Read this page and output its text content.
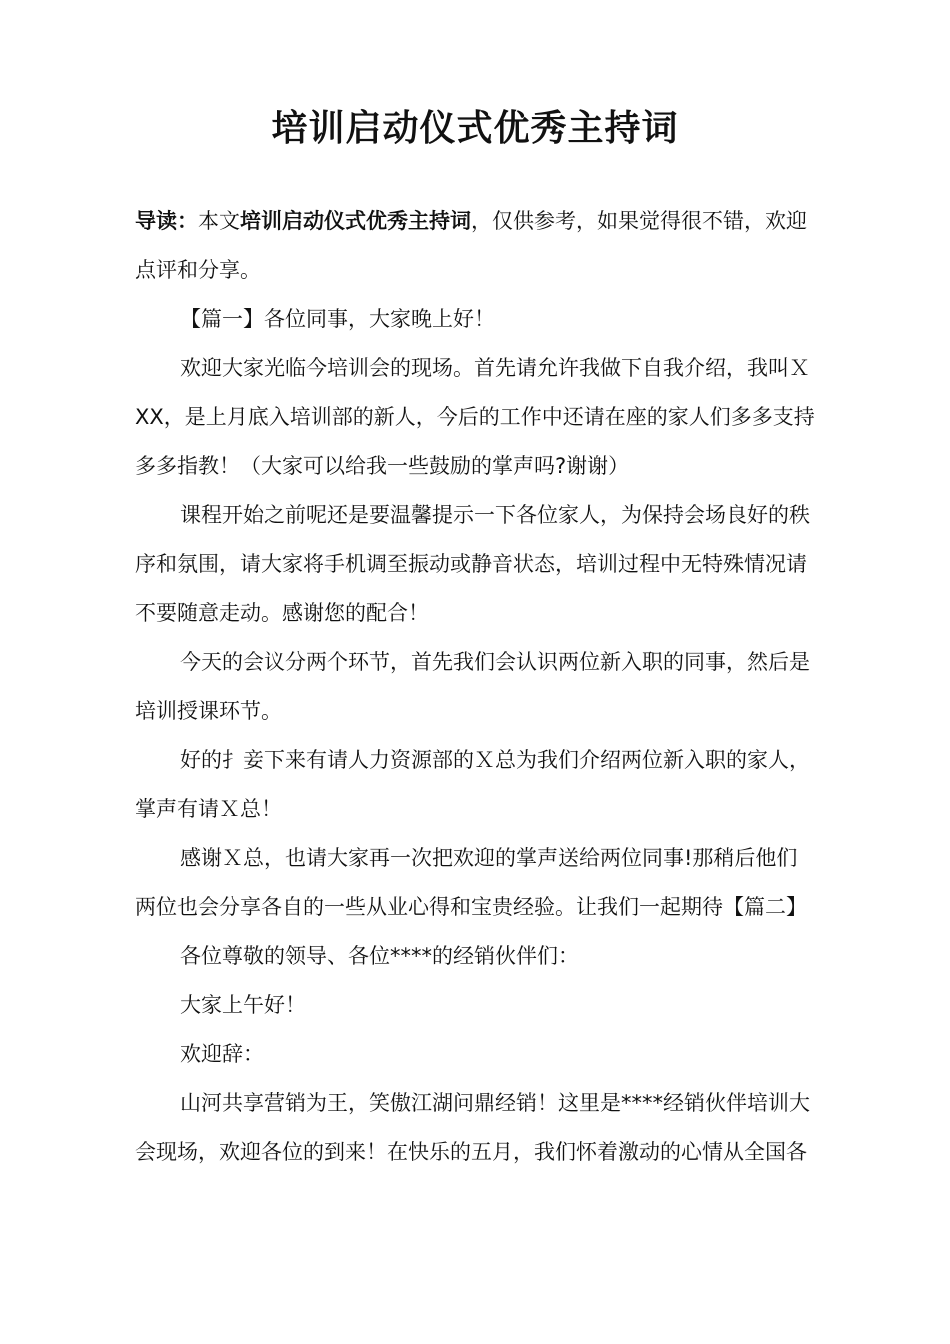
培训启动仪式优秀主持词
导读：本文培训启动仪式优秀主持词，仅供参考，如果觉得很不错，欢迎
点评和分享。
【篇一】各位同事，大家晚上好！
欢迎大家光临今培训会的现场。首先请允许我做下自我介绍，我叫Ｘ
XX，是上月底入培训部的新人，今后的工作中还请在座的家人们多多支持
多多指教！（大家可以给我一些鼓励的掌声吗?谢谢）
课程开始之前呢还是要温馨提示一下各位家人，为保持会场良好的秩
序和氛围，请大家将手机调至振动或静音状态，培训过程中无特殊情况请
不要随意走动。感谢您的配合！
今天的会议分两个环节，首先我们会认识两位新入职的同事，然后是
培训授课环节。
好的扌妾下来有请人力资源部的Ｘ总为我们介绍两位新入职的家人，
掌声有请Ｘ总！
感谢Ｘ总，也请大家再一次把欢迎的掌声送给两位同事!那稍后他们
两位也会分享各自的一些从业心得和宝贵经验。让我们一起期待【篇二】
各位尊敬的领导、各位****的经销伙伴们：
大家上午好！
欢迎辞：
山河共享营销为王，笑傲江湖问鼎经销！这里是****经销伙伴培训大
会现场，欢迎各位的到来！在快乐的五月，我们怀着激动的心情从全国各
